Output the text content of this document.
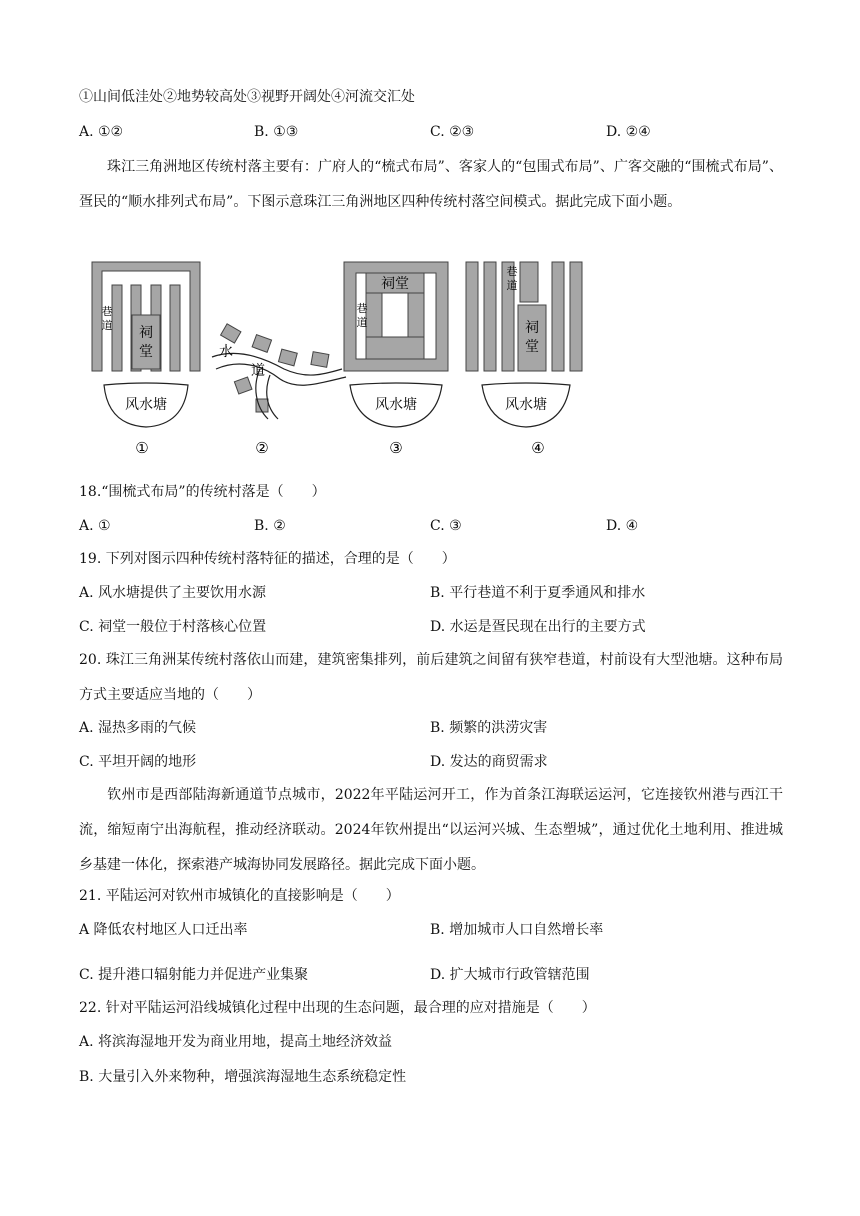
①山间低洼处②地势较高处③视野开阔处④河流交汇处
A. ①②	B. ①③	C. ②③	D. ②④
珠江三角洲地区传统村落主要有：广府人的“梳式布局”、客家人的“包围式布局”、广客交融的“围梳式布局”、疍民的“顺水排列式布局”。下图示意珠江三角洲地区四种传统村落空间模式。据此完成下面小题。
巷
道 祠
堂
风水塘
①
水
道
②
祠堂
巷
道
风水塘
③
巷
道
祠
堂
风水塘
④
18.“围梳式布局”的传统村落是（　　）
A. ①	B. ②	C. ③	D. ④
19. 下列对图示四种传统村落特征的描述，合理的是（　　）
A. 风水塘提供了主要饮用水源	B. 平行巷道不利于夏季通风和排水
C. 祠堂一般位于村落核心位置	D. 水运是疍民现在出行的主要方式
20. 珠江三角洲某传统村落依山而建，建筑密集排列，前后建筑之间留有狭窄巷道，村前设有大型池塘。这种布局方式主要适应当地的（　　）
A. 湿热多雨的气候	B. 频繁的洪涝灾害
C. 平坦开阔的地形	D. 发达的商贸需求
钦州市是西部陆海新通道节点城市，2022年平陆运河开工，作为首条江海联运运河，它连接钦州港与西江干流，缩短南宁出海航程，推动经济联动。2024年钦州提出“以运河兴城、生态塑城”，通过优化土地利用、推进城乡基建一体化，探索港产城海协同发展路径。据此完成下面小题。
21. 平陆运河对钦州市城镇化的直接影响是（　　）
A 降低农村地区人口迁出率	B. 增加城市人口自然增长率
C. 提升港口辐射能力并促进产业集聚	D. 扩大城市行政管辖范围
22. 针对平陆运河沿线城镇化过程中出现的生态问题，最合理的应对措施是（　　）
A. 将滨海湿地开发为商业用地，提高土地经济效益
B. 大量引入外来物种，增强滨海湿地生态系统稳定性
